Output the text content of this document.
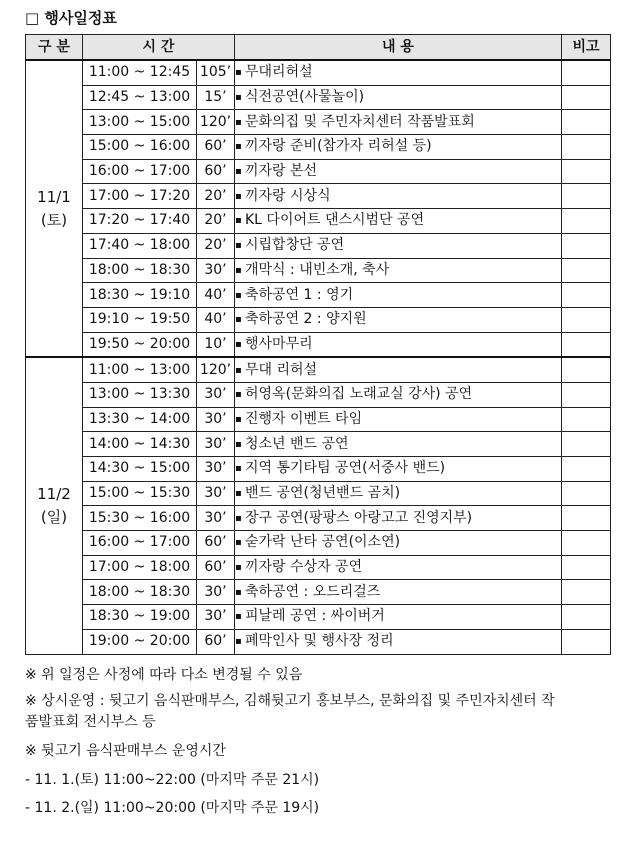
□ 행사일정표
구 분	시 간		내 용	비고

11/1
(토)	11:00 ~ 12:45	105’	▪ 무대리허설	
	12:45 ~ 13:00	15’	▪ 식전공연(사물놀이)	
	13:00 ~ 15:00	120’	▪ 문화의집 및 주민자치센터 작품발표회	
	15:00 ~ 16:00	60’	▪ 끼자랑 준비(참가자 리허설 등)	
	16:00 ~ 17:00	60’	▪ 끼자랑 본선	
	17:00 ~ 17:20	20’	▪ 끼자랑 시상식	
	17:20 ~ 17:40	20’	▪ KL 다이어트 댄스시범단 공연	
	17:40 ~ 18:00	20’	▪ 시립합창단 공연	
	18:00 ~ 18:30	30’	▪ 개막식 : 내빈소개, 축사	
	18:30 ~ 19:10	40’	▪ 축하공연 1 : 영기	
	19:10 ~ 19:50	40’	▪ 축하공연 2 : 양지원	
	19:50 ~ 20:00	10’	▪ 행사마무리	

11/2
(일)	11:00 ~ 13:00	120’	▪ 무대 리허설	
	13:00 ~ 13:30	30’	▪ 허영옥(문화의집 노래교실 강사) 공연	
	13:30 ~ 14:00	30’	▪ 진행자 이벤트 타임	
	14:00 ~ 14:30	30’	▪ 청소년 밴드 공연	
	14:30 ~ 15:00	30’	▪ 지역 통기타팀 공연(서중사 밴드)	
	15:00 ~ 15:30	30’	▪ 밴드 공연(청년밴드 곰치)	
	15:30 ~ 16:00	30’	▪ 장구 공연(팡팡스 아랑고고 진영지부)	
	16:00 ~ 17:00	60’	▪ 숟가락 난타 공연(이소연)	
	17:00 ~ 18:00	60’	▪ 끼자랑 수상자 공연	
	18:00 ~ 18:30	30’	▪ 축하공연 : 오드리걸즈	
	18:30 ~ 19:00	30’	▪ 피날레 공연 : 싸이버거	
	19:00 ~ 20:00	60’	▪ 폐막인사 및 행사장 정리	
※ 위 일정은 사정에 따라 다소 변경될 수 있음
※ 상시운영 : 뒷고기 음식판매부스, 김해뒷고기 홍보부스, 문화의집 및 주민자치센터 작
품발표회 전시부스 등
※ 뒷고기 음식판매부스 운영시간
- 11. 1.(토) 11:00~22:00 (마지막 주문 21시)
- 11. 2.(일) 11:00~20:00 (마지막 주문 19시)
